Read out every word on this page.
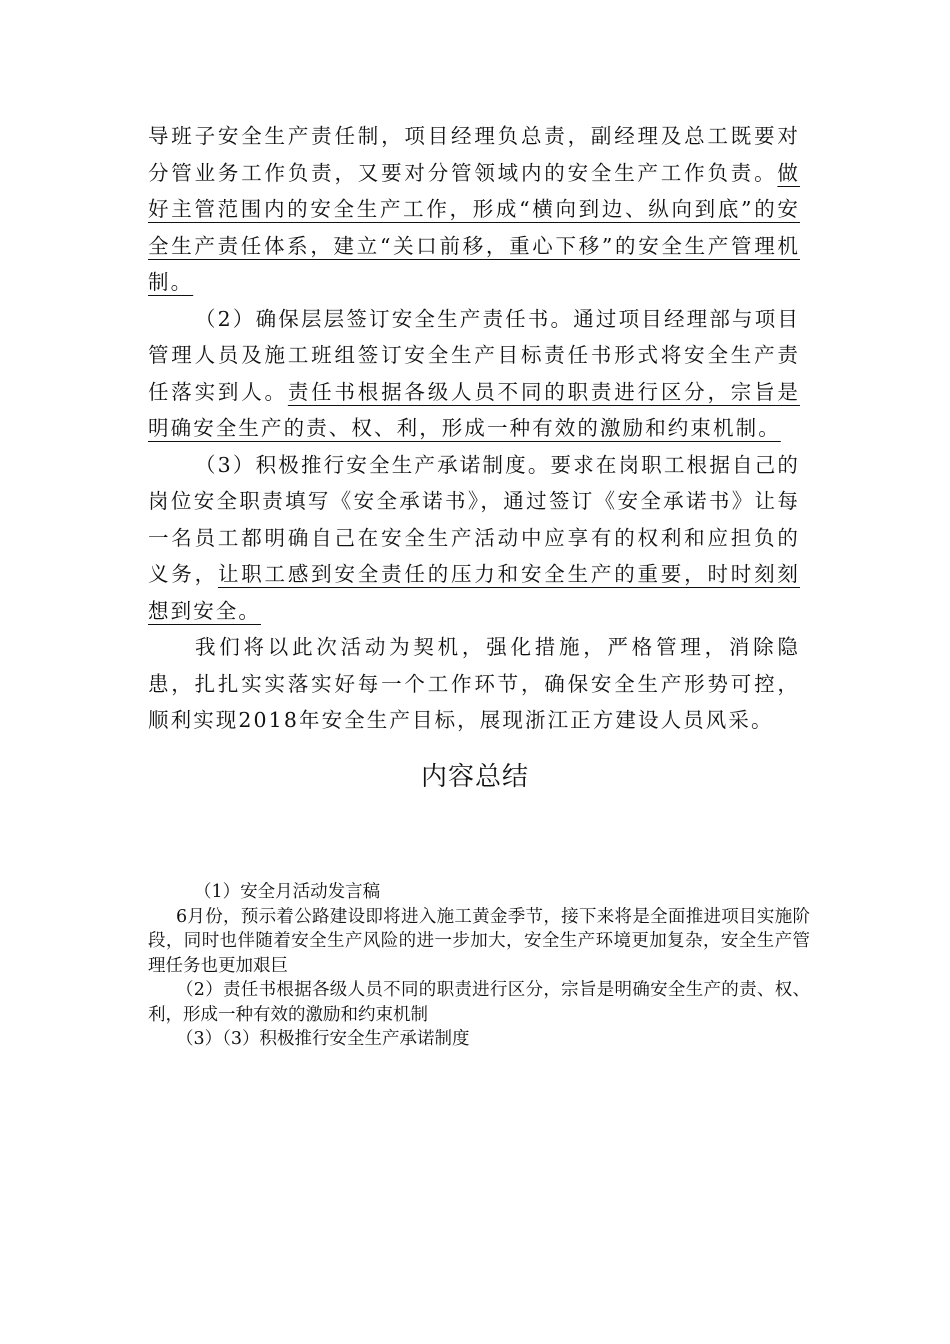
导班子安全生产责任制，项目经理负总责，副经理及总工既要对分管业务工作负责，又要对分管领域内的安全生产工作负责。做好主管范围内的安全生产工作，形成“横向到边、纵向到底”的安全生产责任体系，建立“关口前移，重心下移”的安全生产管理机制。

（2）确保层层签订安全生产责任书。通过项目经理部与项目管理人员及施工班组签订安全生产目标责任书形式将安全生产责任落实到人。责任书根据各级人员不同的职责进行区分，宗旨是明确安全生产的责、权、利，形成一种有效的激励和约束机制。

（3）积极推行安全生产承诺制度。要求在岗职工根据自己的岗位安全职责填写《安全承诺书》，通过签订《安全承诺书》让每一名员工都明确自己在安全生产活动中应享有的权利和应担负的义务，让职工感到安全责任的压力和安全生产的重要，时时刻刻想到安全。

我们将以此次活动为契机，强化措施，严格管理，消除隐患，扎扎实实落实好每一个工作环节，确保安全生产形势可控，顺利实现2018年安全生产目标，展现浙江正方建设人员风采。

内容总结

（1）安全月活动发言稿

6月份，预示着公路建设即将进入施工黄金季节，接下来将是全面推进项目实施阶段，同时也伴随着安全生产风险的进一步加大，安全生产环境更加复杂，安全生产管理任务也更加艰巨

（2）责任书根据各级人员不同的职责进行区分，宗旨是明确安全生产的责、权、利，形成一种有效的激励和约束机制

（3）（3）积极推行安全生产承诺制度
